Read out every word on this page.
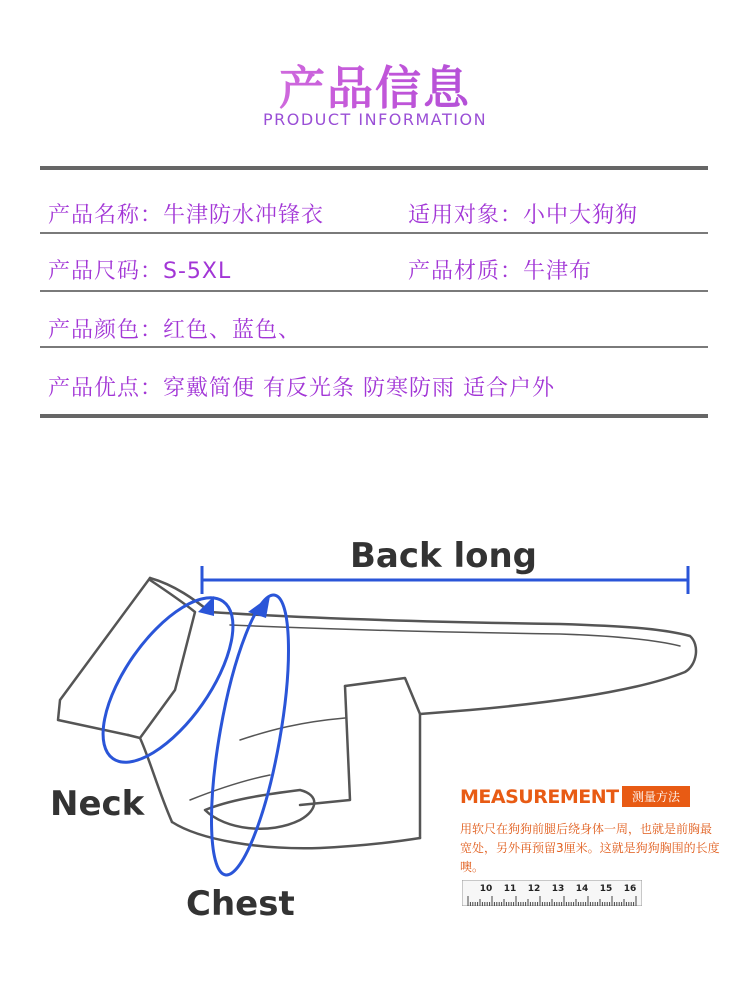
产品信息
PRODUCT INFORMATION
产品名称：牛津防水冲锋衣	适用对象：小中大狗狗
产品尺码：S-5XL	产品材质：牛津布
产品颜色：红色、蓝色、
产品优点：穿戴简便 有反光条 防寒防雨 适合户外
Back long
Neck
Chest
MEASUREMENT	测量方法
用软尺在狗狗前腿后绕身体一周，也就是前胸最宽处，另外再预留3厘米。这就是狗狗胸围的长度噢。
10 11 12 13 14 15 16
